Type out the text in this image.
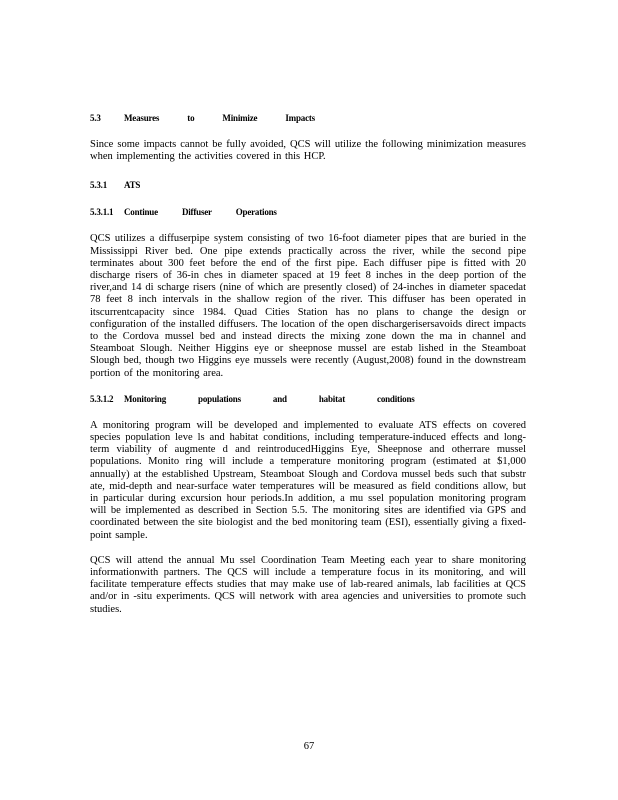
5.3	Measures to Minimize Impacts

Since some impacts cannot be fully avoided, QCS will utilize the following minimization measures when implementing the activities covered in this HCP.

5.3.1 ATS
5.3.1.1 Continue Diffuser Operations

QCS utilizes a diffuserpipe system consisting of two 16-foot diameter pipes that are buried in the Mississippi River bed. One pipe extends practically across the river, while the second pipe terminates about 300 feet before the end of the first pipe. Each diffuser pipe is fitted with 20 discharge risers of 36-in ches in diameter spaced at 19 feet 8 inches in the deep portion of the river,and 14 di scharge risers (nine of which are presently closed) of 24-inches in diameter spacedat 78 feet 8 inch intervals in the shallow region of the river. This diffuser has been operated in itscurrentcapacity since 1984. Quad Cities Station has no plans to change the design or configuration of the installed diffusers. The location of the open dischargerisersavoids direct impacts to the Cordova mussel bed and instead directs the mixing zone down the ma in channel and Steamboat Slough. Neither Higgins eye or sheepnose mussel are estab lished in the Steamboat Slough bed, though two Higgins eye mussels were recently (August,2008) found in the downstream portion of the monitoring area.

5.3.1.2 Monitoring populations and habitat conditions

A monitoring program will be developed and implemented to evaluate ATS effects on covered species population leve ls and habitat conditions, including temperature-induced effects and long-term viability of augmente d and reintroducedHiggins Eye, Sheepnose and otherrare mussel populations. Monito ring will include a temperature monitoring program (estimated at $1,000 annually) at the established Upstream, Steamboat Slough and Cordova mussel beds such that substr ate, mid-depth and near-surface water temperatures will be measured as field conditions allow, but in particular during excursion hour periods.In addition, a mu ssel population monitoring program will be implemented as described in Section 5.5. The monitoring sites are identified via GPS and coordinated between the site biologist and the bed monitoring team (ESI), essentially giving a fixed-point sample.

QCS will attend the annual Mu ssel Coordination Team Meeting each year to share monitoring informationwith partners. The QCS will include a temperature focus in its monitoring, and will facilitate temperature effects studies that may make use of lab-reared animals, lab facilities at QCS and/or in -situ experiments. QCS will network with area agencies and universities to promote such studies.

67
